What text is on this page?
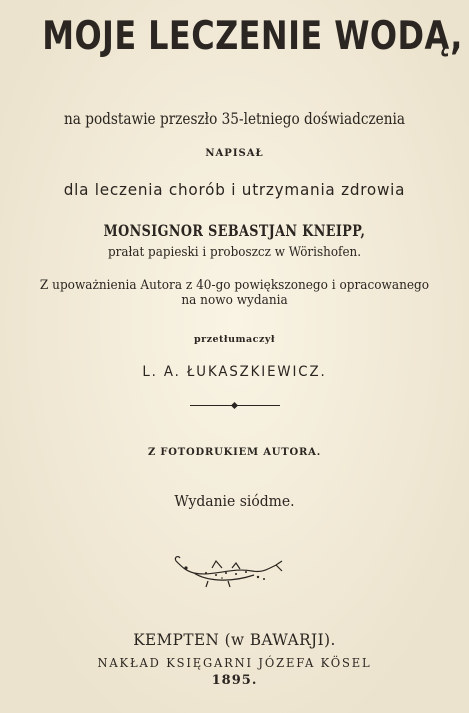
MOJE LECZENIE WODĄ,
na podstawie przeszło 35-letniego doświadczenia
NAPISAŁ
dla leczenia chorób i utrzymania zdrowia
MONSIGNOR SEBASTJAN KNEIPP,
prałat papieski i proboszcz w Wörishofen.
Z upoważnienia Autora z 40-go powiększonego i opracowanego
na nowo wydania
przetłumaczył
L. A. ŁUKASZKIEWICZ.
Z FOTODRUKIEM AUTORA.
Wydanie siódme.
KEMPTEN (w BAWARJI).
NAKŁAD KSIĘGARNI JÓZEFA KÖSEL
1895.
